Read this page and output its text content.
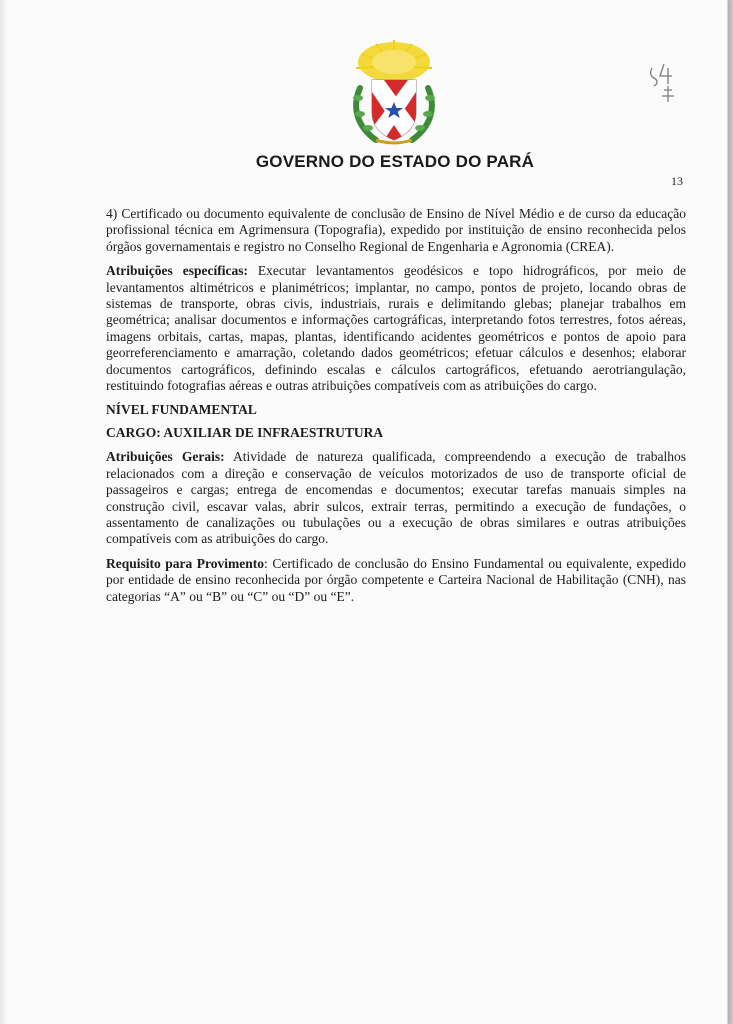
GOVERNO DO ESTADO DO PARÁ
13

4) Certificado ou documento equivalente de conclusão de Ensino de Nível Médio e de curso da educação profissional técnica em Agrimensura (Topografia), expedido por instituição de ensino reconhecida pelos órgãos governamentais e registro no Conselho Regional de Engenharia e Agronomia (CREA).

Atribuições específicas: Executar levantamentos geodésicos e topo hidrográficos, por meio de levantamentos altimétricos e planimétricos; implantar, no campo, pontos de projeto, locando obras de sistemas de transporte, obras civis, industriais, rurais e delimitando glebas; planejar trabalhos em geométrica; analisar documentos e informações cartográficas, interpretando fotos terrestres, fotos aéreas, imagens orbitais, cartas, mapas, plantas, identificando acidentes geométricos e pontos de apoio para georreferenciamento e amarração, coletando dados geométricos; efetuar cálculos e desenhos; elaborar documentos cartográficos, definindo escalas e cálculos cartográficos, efetuando aerotriangulação, restituindo fotografias aéreas e outras atribuições compatíveis com as atribuições do cargo.

NÍVEL FUNDAMENTAL
CARGO: AUXILIAR DE INFRAESTRUTURA

Atribuições Gerais: Atividade de natureza qualificada, compreendendo a execução de trabalhos relacionados com a direção e conservação de veículos motorizados de uso de transporte oficial de passageiros e cargas; entrega de encomendas e documentos; executar tarefas manuais simples na construção civil, escavar valas, abrir sulcos, extrair terras, permitindo a execução de fundações, o assentamento de canalizações ou tubulações ou a execução de obras similares e outras atribuições compatíveis com as atribuições do cargo.

Requisito para Provimento: Certificado de conclusão do Ensino Fundamental ou equivalente, expedido por entidade de ensino reconhecida por órgão competente e Carteira Nacional de Habilitação (CNH), nas categorias “A” ou “B” ou “C” ou “D” ou “E”.
